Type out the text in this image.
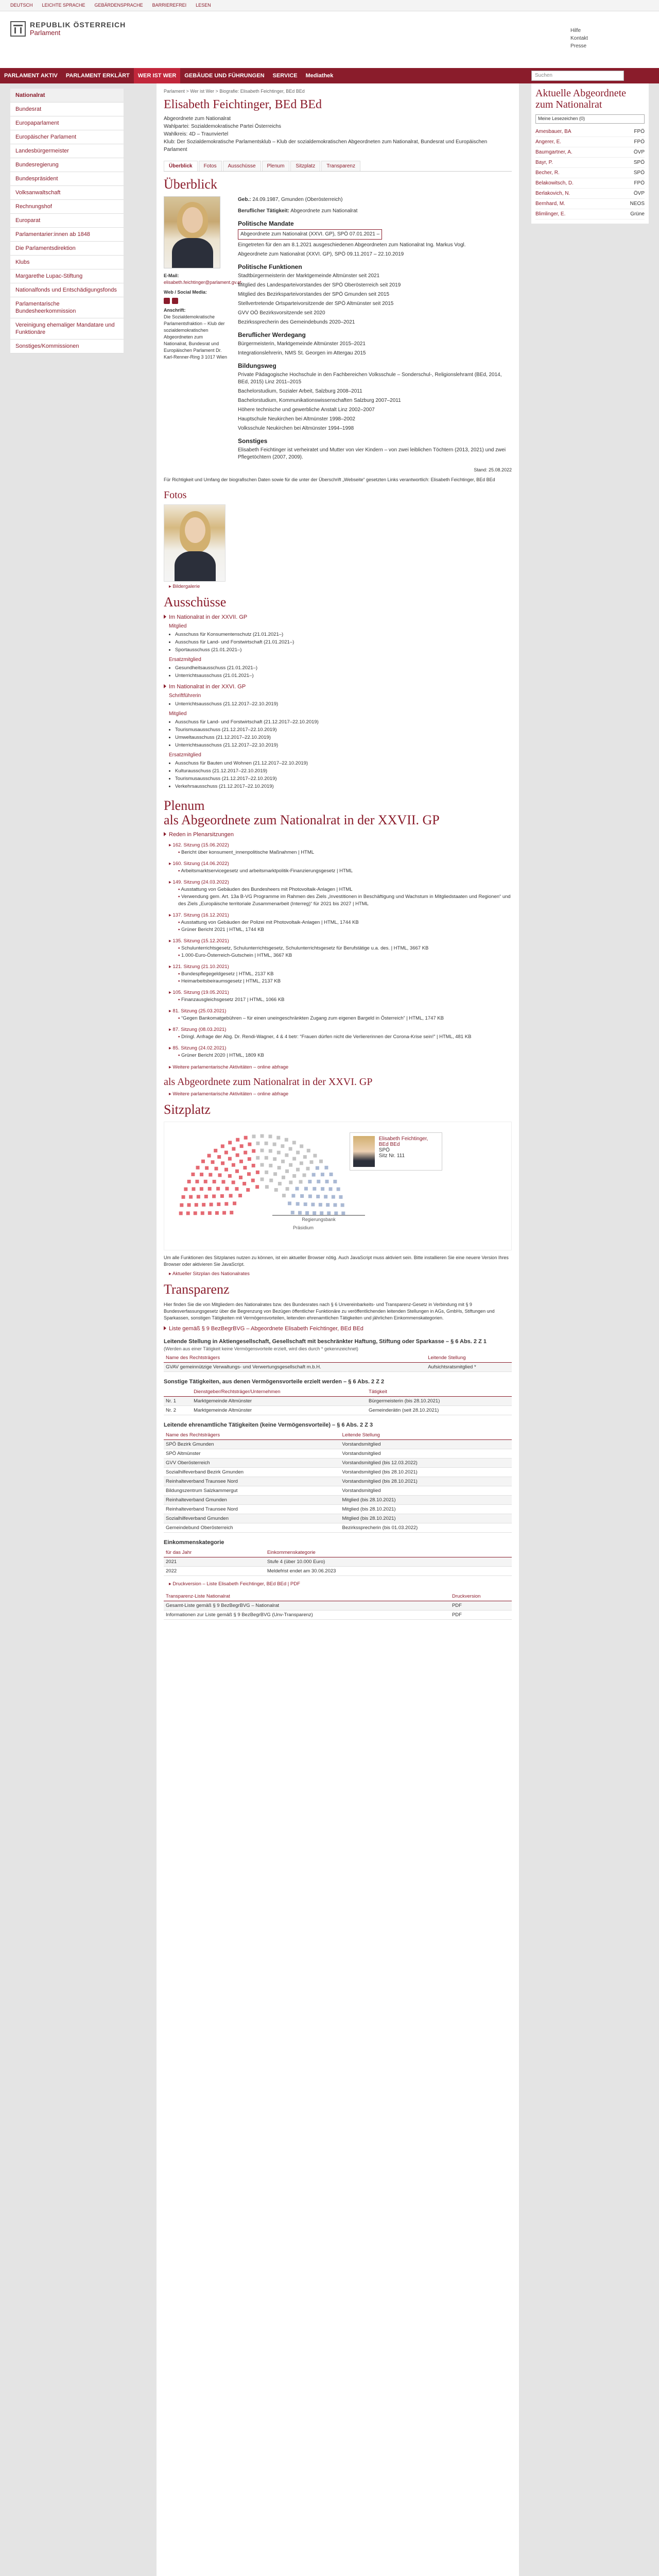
DEUTSCH LEICHTE SPRACHE GEBÄRDENSPRACHE BARRIEREFREI LESEN
REPUBLIK ÖSTERREICH
Parlament	Hilfe
Kontakt
Presse
PARLAMENT AKTIV	PARLAMENT ERKLÄRT	WER IST WER	GEBÄUDE UND FÜHRUNGEN	SERVICE	Mediathek	Suchen
Nationalrat
Bundesrat
Europaparlament
Europäischer Parlament
Landesbürgermeister
Bundesregierung
Bundespräsident
Volksanwaltschaft
Rechnungshof
Europarat
Parlamentarier:innen ab 1848
Die Parlamentsdirektion
Klubs
Margarethe Lupac-Stiftung
Nationalfonds und Entschädigungsfonds
Parlamentarische Bundesheerkommission
Vereinigung ehemaliger Mandatare und Funktionäre
Sonstiges/Kommissionen
Parlament > Wer ist Wer > Biografie: Elisabeth Feichtinger, BEd BEd
Elisabeth Feichtinger, BEd BEd
Abgeordnete zum Nationalrat
Wahlpartei: Sozialdemokratische Partei Österreichs
Wahlkreis: 4D – Traunviertel
Klub: Der Sozialdemokratische Parlamentsklub – Klub der sozialdemokratischen Abgeordneten zum Nationalrat, Bundesrat und Europäischen Parlament
Überblick	Fotos	Ausschüsse	Plenum	Sitzplatz	Transparenz
Überblick
E-Mail:
elisabeth.feichtinger@parlament.gv.at
Web / Social Media:
Anschrift:
Die Sozialdemokratische Parlamentsfraktion – Klub der sozialdemokratischen Abgeordneten zum Nationalrat, Bundesrat und Europäischen Parlament Dr. Karl-Renner-Ring 3 1017 Wien
Geb.: 24.09.1987, Gmunden (Oberösterreich)
Beruflicher Tätigkeit: Abgeordnete zum Nationalrat
Politische Mandate
Abgeordnete zum Nationalrat (XXVI. GP), SPÖ 07.01.2021 –
Eingetreten für den am 8.1.2021 ausgeschiedenen Abgeordneten zum Nationalrat Ing. Markus Vogl.
Abgeordnete zum Nationalrat (XXVI. GP), SPÖ 09.11.2017 – 22.10.2019
Politische Funktionen
Stadtbürgermeisterin der Marktgemeinde Altmünster seit 2021
Mitglied des Landesparteivorstandes der SPÖ Oberösterreich seit 2019
Mitglied des Bezirksparteivorstandes der SPÖ Gmunden seit 2015
Stellvertretende Ortsparteivorsitzende der SPÖ Altmünster seit 2015
GVV OÖ Bezirksvorsitzende seit 2020
Bezirkssprecherin des Gemeindebunds 2020–2021
Beruflicher Werdegang
Bürgermeisterin, Marktgemeinde Altmünster 2015–2021
Integrationslehrerin, NMS St. Georgen im Attergau 2015
Bildungsweg
Private Pädagogische Hochschule in den Fachbereichen Volksschule – Sonderschul-, Religionslehramt (BEd, 2014, BEd, 2015) Linz 2011–2015
Bachelorstudium, Sozialer Arbeit, Salzburg 2008–2011
Bachelorstudium, Kommunikationswissenschaften Salzburg 2007–2011
Höhere technische und gewerbliche Anstalt Linz 2002–2007
Hauptschule Neukirchen bei Altmünster 1998–2002
Volksschule Neukirchen bei Altmünster 1994–1998
Sonstiges
Elisabeth Feichtinger ist verheiratet und Mutter von vier Kindern – von zwei leiblichen Töchtern (2013, 2021) und zwei Pflegetöchtern (2007, 2009).
Stand: 25.08.2022
Für Richtigkeit und Umfang der biografischen Daten sowie für die unter der Überschrift „Webseite“ gesetzten Links verantwortlich: Elisabeth Feichtinger, BEd BEd
Fotos
▸ Bildergalerie
Ausschüsse
Im Nationalrat in der XXVII. GP
Mitglied
• Ausschuss für Konsumentenschutz (21.01.2021–)
• Ausschuss für Land- und Forstwirtschaft (21.01.2021–)
• Sportausschuss (21.01.2021–)
Ersatzmitglied
• Gesundheitsausschuss (21.01.2021–)
• Unterrichtsausschuss (21.01.2021–)
Im Nationalrat in der XXVI. GP
Schriftführerin
• Unterrichtsausschuss (21.12.2017–22.10.2019)
Mitglied
• Ausschuss für Land- und Forstwirtschaft (21.12.2017–22.10.2019)
• Tourismusausschuss (21.12.2017–22.10.2019)
• Umweltausschuss (21.12.2017–22.10.2019)
• Unterrichtsausschuss (21.12.2017–22.10.2019)
Ersatzmitglied
• Ausschuss für Bauten und Wohnen (21.12.2017–22.10.2019)
• Kulturausschuss (21.12.2017–22.10.2019)
• Tourismusausschuss (21.12.2017–22.10.2019)
• Verkehrsausschuss (21.12.2017–22.10.2019)
Plenum
als Abgeordnete zum Nationalrat in der XXVII. GP
Reden in Plenarsitzungen
▸ 162. Sitzung (15.06.2022)
▪ Bericht über konsument_innenpolitische Maßnahmen | HTML
▸ 160. Sitzung (14.06.2022)
▪ Arbeitsmarktservicegesetz und arbeitsmarktpolitik-Finanzierungsgesetz | HTML
▸ 149. Sitzung (24.03.2022)
▪ Ausstattung von Gebäuden des Bundesheers mit Photovoltaik-Anlagen | HTML
▪ Verwendung gem. Art. 13a B-VG Programme im Rahmen des Ziels „Investitionen in Beschäftigung und Wachstum in Mitgliedstaaten und Regionen“ und des Ziels „Europäische territoriale Zusammenarbeit (Interreg)“ für 2021 bis 2027 | HTML
▸ 137. Sitzung (16.12.2021)
▪ Ausstattung von Gebäuden der Polizei mit Photovoltaik-Anlagen | HTML, 1744 KB
▪ Grüner Bericht 2021 | HTML, 1744 KB
▸ 135. Sitzung (15.12.2021)
▪ Schulunterrichtsgesetz, Schulunterrichtsgesetz, Schulunterrichtsgesetz für Berufstätige u.a. des. | HTML, 3667 KB
▪ 1.000-Euro-Österreich-Gutschein | HTML, 3667 KB
▸ 121. Sitzung (21.10.2021)
▪ Bundespflegegeldgesetz | HTML, 2137 KB
▪ Heimarbeitsbeiraumsgesetz | HTML, 2137 KB
▸ 105. Sitzung (19.05.2021)
▪ Finanzausgleichsgesetz 2017 | HTML, 1066 KB
▸ 81. Sitzung (25.03.2021)
▪ “Gegen Bankomatgebühren – für einen uneingeschränkten Zugang zum eigenen Bargeld in Österreich” | HTML, 1747 KB
▸ 87. Sitzung (08.03.2021)
▪ Dringl. Anfrage der Abg. Dr. Rendi-Wagner, 4 & 4 betr: “Frauen dürfen nicht die Verliererinnen der Corona-Krise sein!” | HTML, 481 KB
▸ 85. Sitzung (24.02.2021)
▪ Grüner Bericht 2020 | HTML, 1809 KB
▸ Weitere parlamentarische Aktivitäten – online abfrage
als Abgeordnete zum Nationalrat in der XXVI. GP
▸ Weitere parlamentarische Aktivitäten – online abfrage
Sitzplatz
Elisabeth Feichtinger, BEd BEd
SPÖ
Sitz Nr. 111
Regierungsbank
Präsidium
Um alle Funktionen des Sitzplanes nutzen zu können, ist ein aktueller Browser nötig. Auch JavaScript muss aktiviert sein. Bitte installieren Sie eine neuere Version Ihres Browser oder aktivieren Sie JavaScript.
▸ Aktueller Sitzplan des Nationalrates
Transparenz
Hier finden Sie die von Mitgliedern des Nationalrates bzw. des Bundesrates nach § 6 Unvereinbarkeits- und Transparenz-Gesetz in Verbindung mit § 9 Bundesverfassungsgesetz über die Begrenzung von Bezügen öffentlicher Funktionäre zu veröffentlichenden leitenden Stellungen in AGs, GmbHs, Stiftungen und Sparkassen, sonstigen Tätigkeiten mit Vermögensvorteilen, leitenden ehrenamtlichen Tätigkeiten und jährlichen Einkommenskategorien.
Liste gemäß § 9 BezBegrBVG – Abgeordnete Elisabeth Feichtinger, BEd BEd
Leitende Stellung in Aktiengesellschaft, Gesellschaft mit beschränkter Haftung, Stiftung oder Sparkasse – § 6 Abs. 2 Z 1
(Werden aus einer Tätigkeit keine Vermögensvorteile erzielt, wird dies durch * gekennzeichnet)
Name des Rechtsträgers	Leitende Stellung
GVAV gemeinnützige Verwaltungs- und Verwertungsgesellschaft m.b.H.	Aufsichtsratsmitglied *
Sonstige Tätigkeiten, aus denen Vermögensvorteile erzielt werden – § 6 Abs. 2 Z 2
	Dienstgeber/Rechtsträger/Unternehmen	Tätigkeit
Nr. 1	Marktgemeinde Altmünster	Bürgermeisterin (bis 28.10.2021)
Nr. 2	Marktgemeinde Altmünster	Gemeinderätin (seit 28.10.2021)
Leitende ehrenamtliche Tätigkeiten (keine Vermögensvorteile) – § 6 Abs. 2 Z 3
Name des Rechtsträgers	Leitende Stellung
SPÖ Bezirk Gmunden	Vorstandsmitglied
SPÖ Altmünster	Vorstandsmitglied
GVV Oberösterreich	Vorstandsmitglied (bis 12.03.2022)
Sozialhilfeverband Bezirk Gmunden	Vorstandsmitglied (bis 28.10.2021)
Reinhalteverband Traunsee Nord	Vorstandsmitglied (bis 28.10.2021)
Bildungszentrum Salzkammergut	Vorstandsmitglied
Reinhalteverband Gmunden	Mitglied (bis 28.10.2021)
Reinhalteverband Traunsee Nord	Mitglied (bis 28.10.2021)
Sozialhilfeverband Gmunden	Mitglied (bis 28.10.2021)
Gemeindebund Oberösterreich	Bezirkssprecherin (bis 01.03.2022)
Einkommenskategorie
für das Jahr	Einkommenskategorie
2021	Stufe 4 (über 10.000 Euro)
2022	Meldefrist endet am 30.06.2023
▸ Druckversion – Liste Elisabeth Feichtinger, BEd BEd | PDF
Transparenz-Liste Nationalrat	Druckversion
Gesamt-Liste gemäß § 9 BezBegrBVG – Nationalrat	PDF
Informationen zur Liste gemäß § 9 BezBegrBVG (Unv-Transparenz)	PDF
Aktuelle Abgeordnete zum Nationalrat
Meine Lesezeichen (0)
Amesbauer, BA	FPÖ
Angerer, E.	FPÖ
Baumgartner, A.	ÖVP
Bayr, P.	SPÖ
Becher, R.	SPÖ
Belakowitsch, D.	FPÖ
Berlakovich, N.	ÖVP
Bernhard, M.	NEOS
Blimlinger, E.	Grüne
